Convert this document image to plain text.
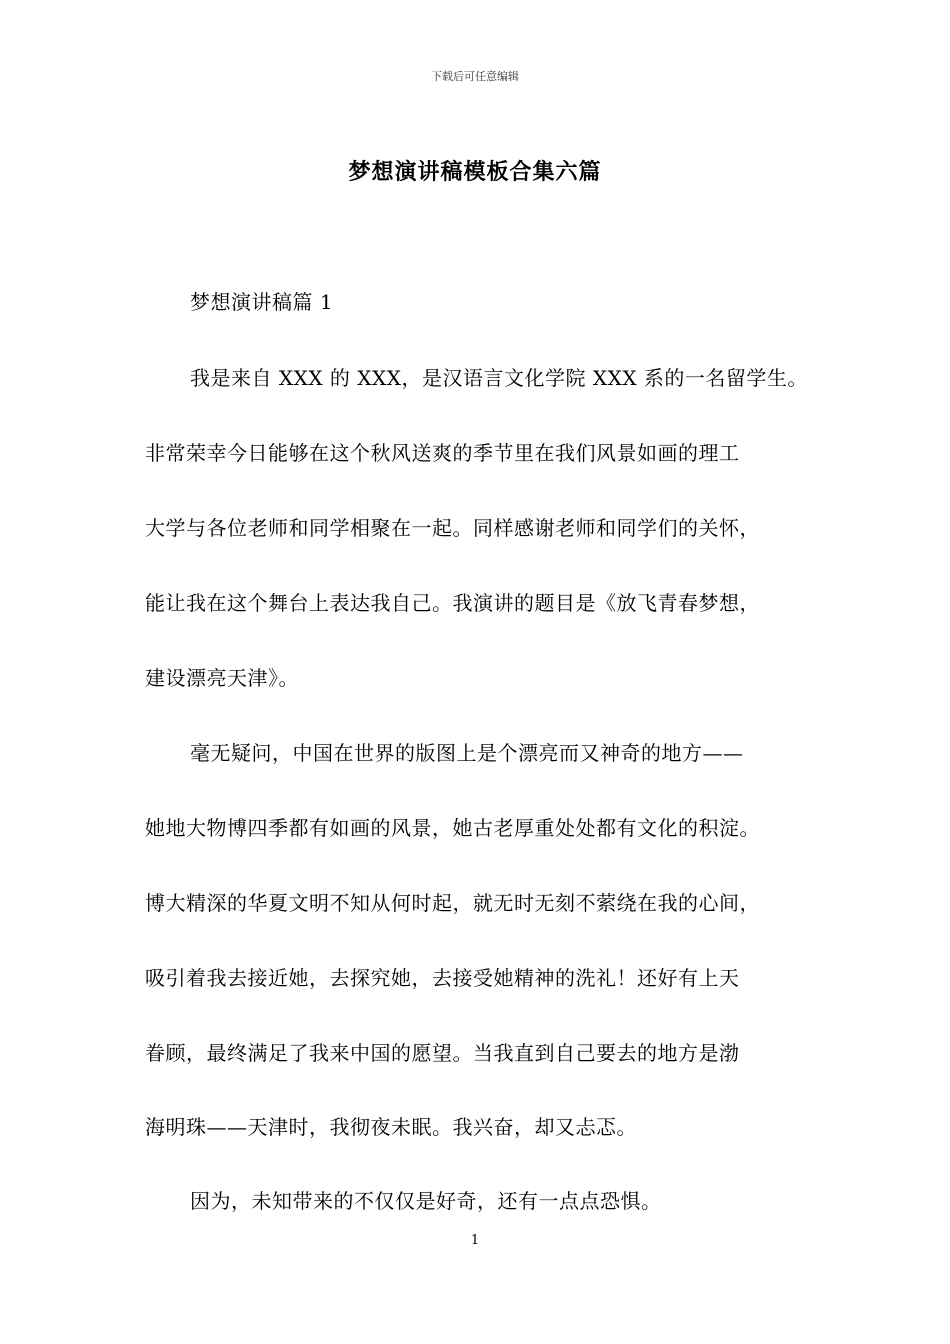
下载后可任意编辑
梦想演讲稿模板合集六篇
梦想演讲稿篇 1
我是来自 XXX 的 XXX，是汉语言文化学院 XXX 系的一名留学生。
非常荣幸今日能够在这个秋风送爽的季节里在我们风景如画的理工
大学与各位老师和同学相聚在一起。同样感谢老师和同学们的关怀，
能让我在这个舞台上表达我自己。我演讲的题目是《放飞青春梦想，
建设漂亮天津》。
毫无疑问，中国在世界的版图上是个漂亮而又神奇的地方——
她地大物博四季都有如画的风景，她古老厚重处处都有文化的积淀。
博大精深的华夏文明不知从何时起，就无时无刻不萦绕在我的心间，
吸引着我去接近她，去探究她，去接受她精神的洗礼！还好有上天
眷顾，最终满足了我来中国的愿望。当我直到自己要去的地方是渤
海明珠——天津时，我彻夜未眠。我兴奋，却又忐忑。
因为，未知带来的不仅仅是好奇，还有一点点恐惧。
1
